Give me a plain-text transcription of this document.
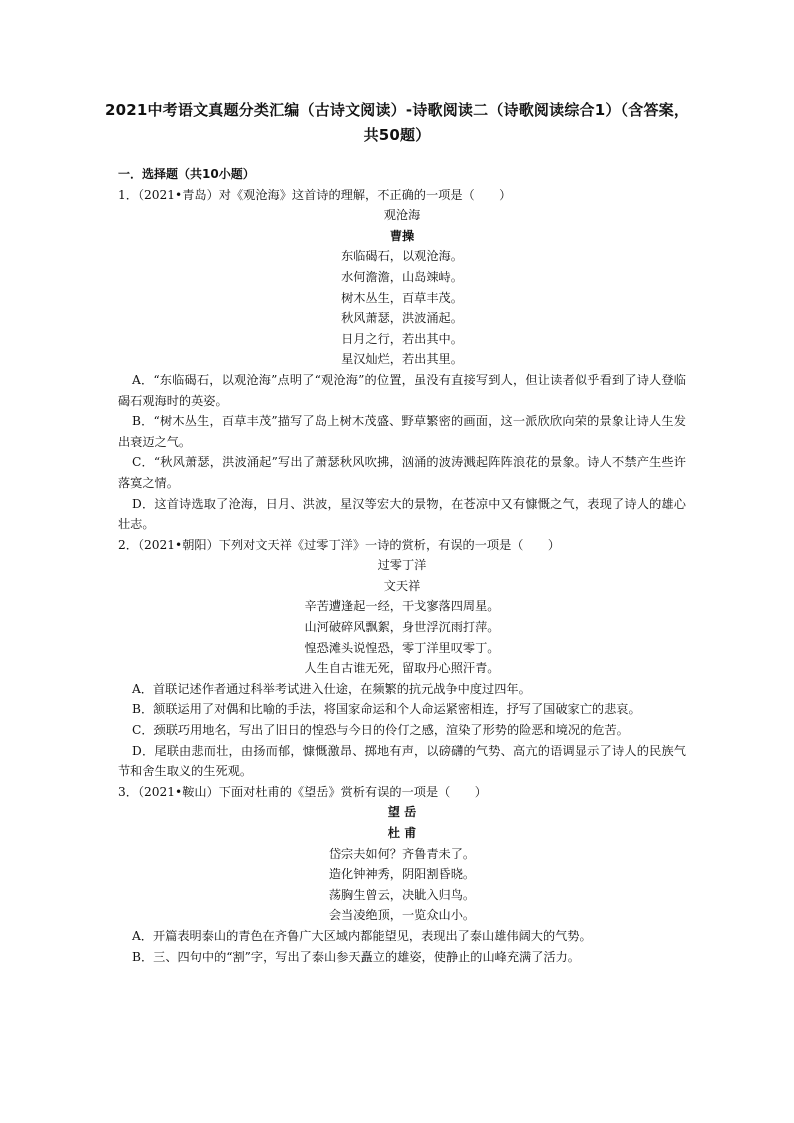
2021中考语文真题分类汇编（古诗文阅读）-诗歌阅读二（诗歌阅读综合1）（含答案，共50题）
一．选择题（共10小题）
1．（2021•青岛）对《观沧海》这首诗的理解，不正确的一项是（　　）
观沧海
曹操
东临碣石，以观沧海。
水何澹澹，山岛竦峙。
树木丛生，百草丰茂。
秋风萧瑟，洪波涌起。
日月之行，若出其中。
星汉灿烂，若出其里。
A．“东临碣石，以观沧海”点明了“观沧海”的位置，虽没有直接写到人，但让读者似乎看到了诗人登临碣石观海时的英姿。
B．“树木丛生，百草丰茂”描写了岛上树木茂盛、野草繁密的画面，这一派欣欣向荣的景象让诗人生发出衰迈之气。
C．“秋风萧瑟，洪波涌起”写出了萧瑟秋风吹拂，汹涌的波涛溅起阵阵浪花的景象。诗人不禁产生些许落寞之情。
D．这首诗选取了沧海，日月、洪波，星汉等宏大的景物，在苍凉中又有慷慨之气，表现了诗人的雄心壮志。
2．（2021•朝阳）下列对文天祥《过零丁洋》一诗的赏析，有误的一项是（　　）
过零丁洋
文天祥
辛苦遭逢起一经，干戈寥落四周星。
山河破碎风飘絮，身世浮沉雨打萍。
惶恐滩头说惶恐，零丁洋里叹零丁。
人生自古谁无死，留取丹心照汗青。
A．首联记述作者通过科举考试进入仕途，在频繁的抗元战争中度过四年。
B．颔联运用了对偶和比喻的手法，将国家命运和个人命运紧密相连，抒写了国破家亡的悲哀。
C．颈联巧用地名，写出了旧日的惶恐与今日的伶仃之感，渲染了形势的险恶和境况的危苦。
D．尾联由悲而壮，由扬而郁，慷慨激昂、掷地有声，以磅礴的气势、高亢的语调显示了诗人的民族气节和舍生取义的生死观。
3．（2021•鞍山）下面对杜甫的《望岳》赏析有误的一项是（　　）
望 岳
杜 甫
岱宗夫如何？齐鲁青未了。
造化钟神秀，阴阳割昏晓。
荡胸生曾云，决眦入归鸟。
会当凌绝顶，一览众山小。
A．开篇表明泰山的青色在齐鲁广大区域内都能望见，表现出了泰山雄伟阔大的气势。
B．三、四句中的“割”字，写出了泰山参天矗立的雄姿，使静止的山峰充满了活力。
